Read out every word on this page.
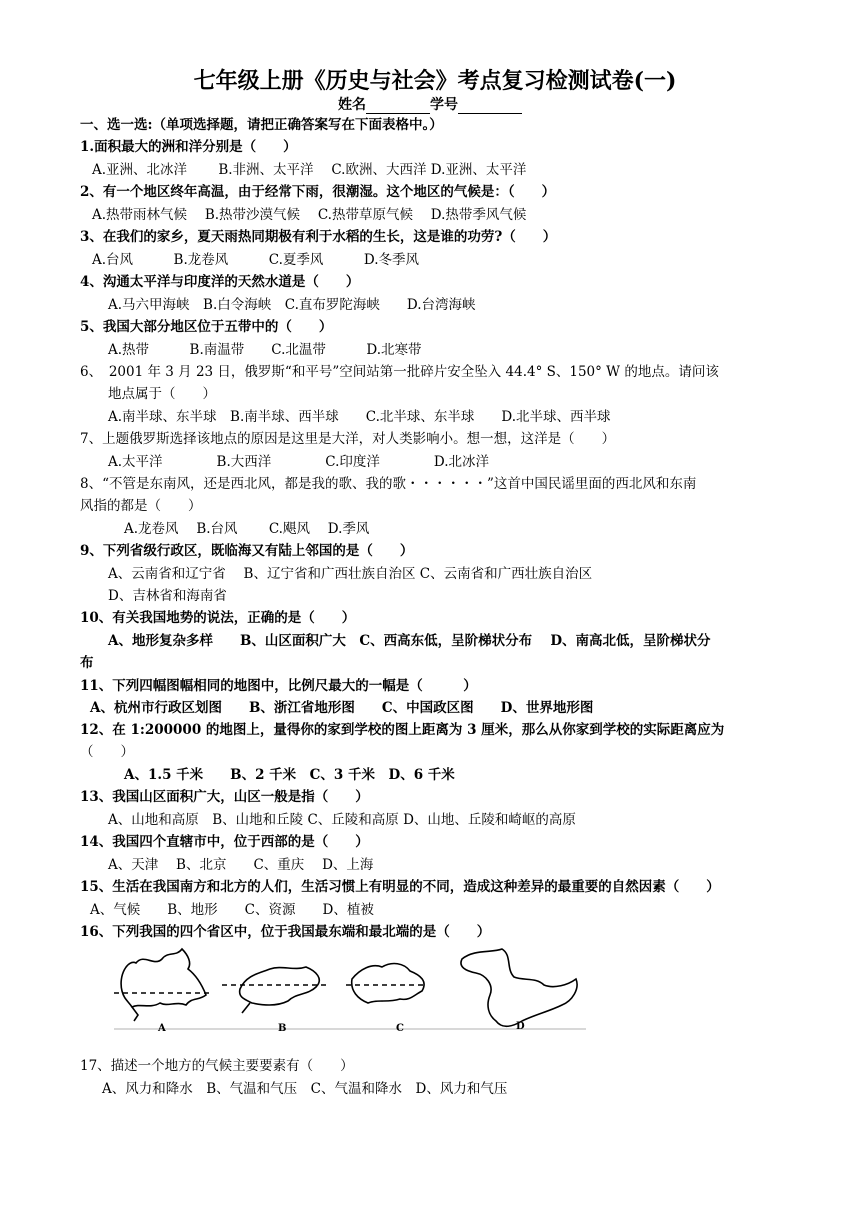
七年级上册《历史与社会》考点复习检测试卷(一)
姓名	学号
一、选一选:（单项选择题，请把正确答案写在下面表格中。）
1.面积最大的洲和洋分别是（　　）
A.亚洲、北冰洋　　 B.非洲、太平洋　 C.欧洲、大西洋 D.亚洲、太平洋
2、有一个地区终年高温，由于经常下雨，很潮湿。这个地区的气候是：（　　）
A.热带雨林气候　 B.热带沙漠气候　 C.热带草原气候　 D.热带季风气候
3、在我们的家乡，夏天雨热同期极有利于水稻的生长，这是谁的功劳?（　　）
A.台风　　　B.龙卷风　　　C.夏季风　　　D.冬季风
4、沟通太平洋与印度洋的天然水道是（　　）
A.马六甲海峡　B.白令海峡　C.直布罗陀海峡　　D.台湾海峡
5、我国大部分地区位于五带中的（　　）
A.热带　　　B.南温带　　C.北温带　　　D.北寒带
6、　2001 年 3 月 23 日，俄罗斯“和平号”空间站第一批碎片安全坠入 44.4° S、150° W 的地点。请问该
地点属于（　　）
A.南半球、东半球　B.南半球、西半球　　C.北半球、东半球　　D.北半球、西半球
7、上题俄罗斯选择该地点的原因是这里是大洋，对人类影响小。想一想，这洋是（　　）
A.太平洋　　　　B.大西洋　　　　C.印度洋　　　　D.北冰洋
8、“不管是东南风，还是西北风，都是我的歌、我的歌・・・・・・”这首中国民谣里面的西北风和东南
风指的都是（　　）
A.龙卷风　 B.台风　　 C.飓风　 D.季风
9、下列省级行政区，既临海又有陆上邻国的是（　　）
A、云南省和辽宁省　 B、辽宁省和广西壮族自治区 C、云南省和广西壮族自治区
D、吉林省和海南省
10、有关我国地势的说法，正确的是（　　）
A、地形复杂多样　　B、山区面积广大　C、西高东低，呈阶梯状分布　 D、南高北低，呈阶梯状分
布
11、下列四幅图幅相同的地图中，比例尺最大的一幅是（　　　）
A、杭州市行政区划图　　B、浙江省地形图　　C、中国政区图　　D、世界地形图
12、在 1:200000 的地图上，量得你的家到学校的图上距离为 3 厘米，那么从你家到学校的实际距离应为
（　　）
A、1.5 千米　　B、2 千米　C、3 千米　D、6 千米
13、我国山区面积广大，山区一般是指（　　）
A、山地和高原　B、山地和丘陵 C、丘陵和高原 D、山地、丘陵和崎岖的高原
14、我国四个直辖市中，位于西部的是（　　）
A、天津　 B、北京　　C、重庆　 D、上海
15、生活在我国南方和北方的人们，生活习惯上有明显的不同，造成这种差异的最重要的自然因素（　　）
A、气候　　B、地形　　C、资源　　D、植被
16、下列我国的四个省区中，位于我国最东端和最北端的是（　　）
A	B	C	D
17、描述一个地方的气候主要要素有（　　）
A、风力和降水　B、气温和气压　C、气温和降水　D、风力和气压
